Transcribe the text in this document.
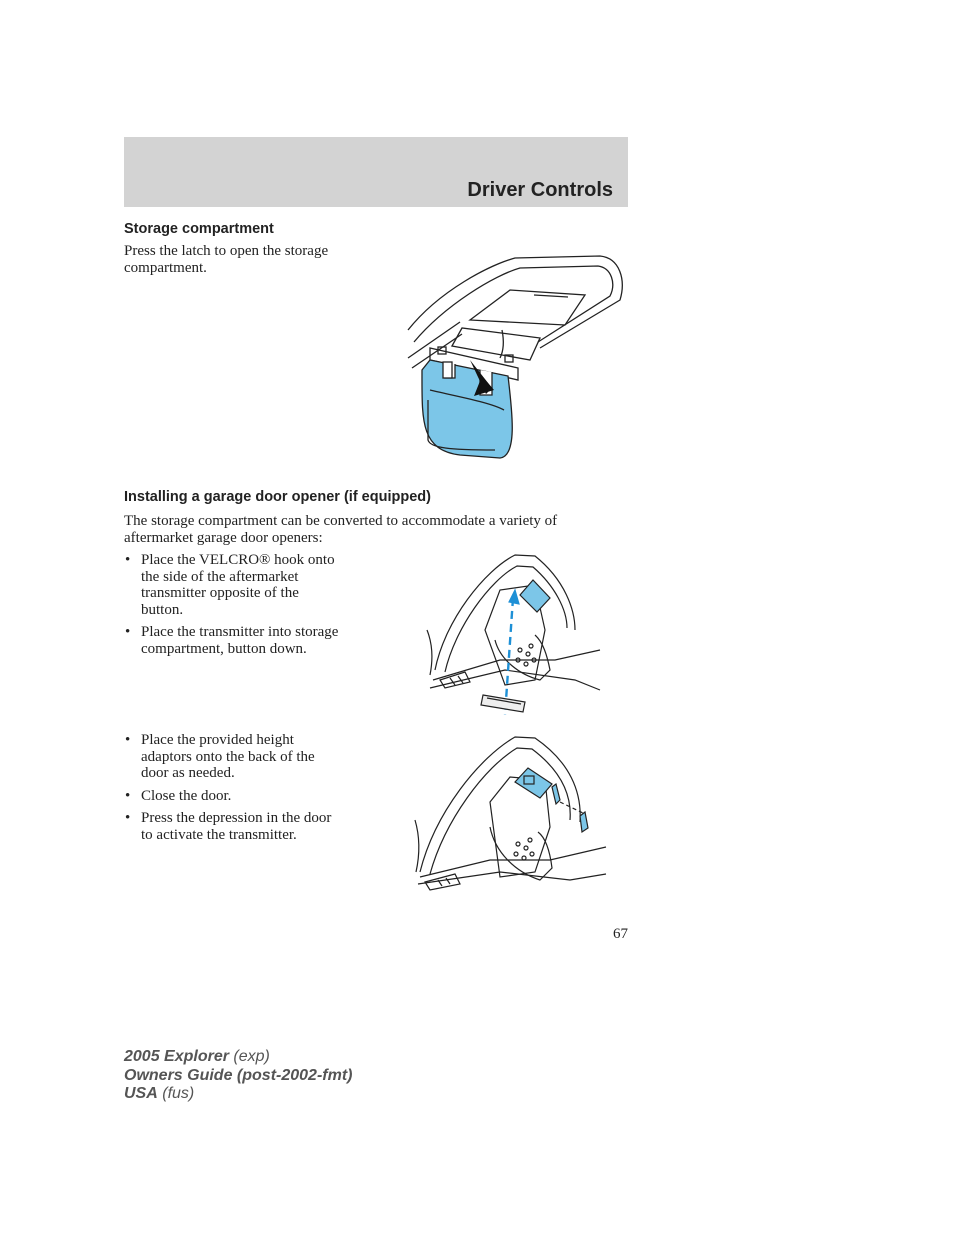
Driver Controls
Storage compartment
Press the latch to open the storage
compartment.
Installing a garage door opener (if equipped)
The storage compartment can be converted to accommodate a variety of
aftermarket garage door openers:
• Place the VELCRO® hook onto
the side of the aftermarket
transmitter opposite of the
button.
• Place the transmitter into storage
compartment, button down.
• Place the provided height
adaptors onto the back of the
door as needed.
• Close the door.
• Press the depression in the door
to activate the transmitter.
67
2005 Explorer (exp)
Owners Guide (post-2002-fmt)
USA (fus)
